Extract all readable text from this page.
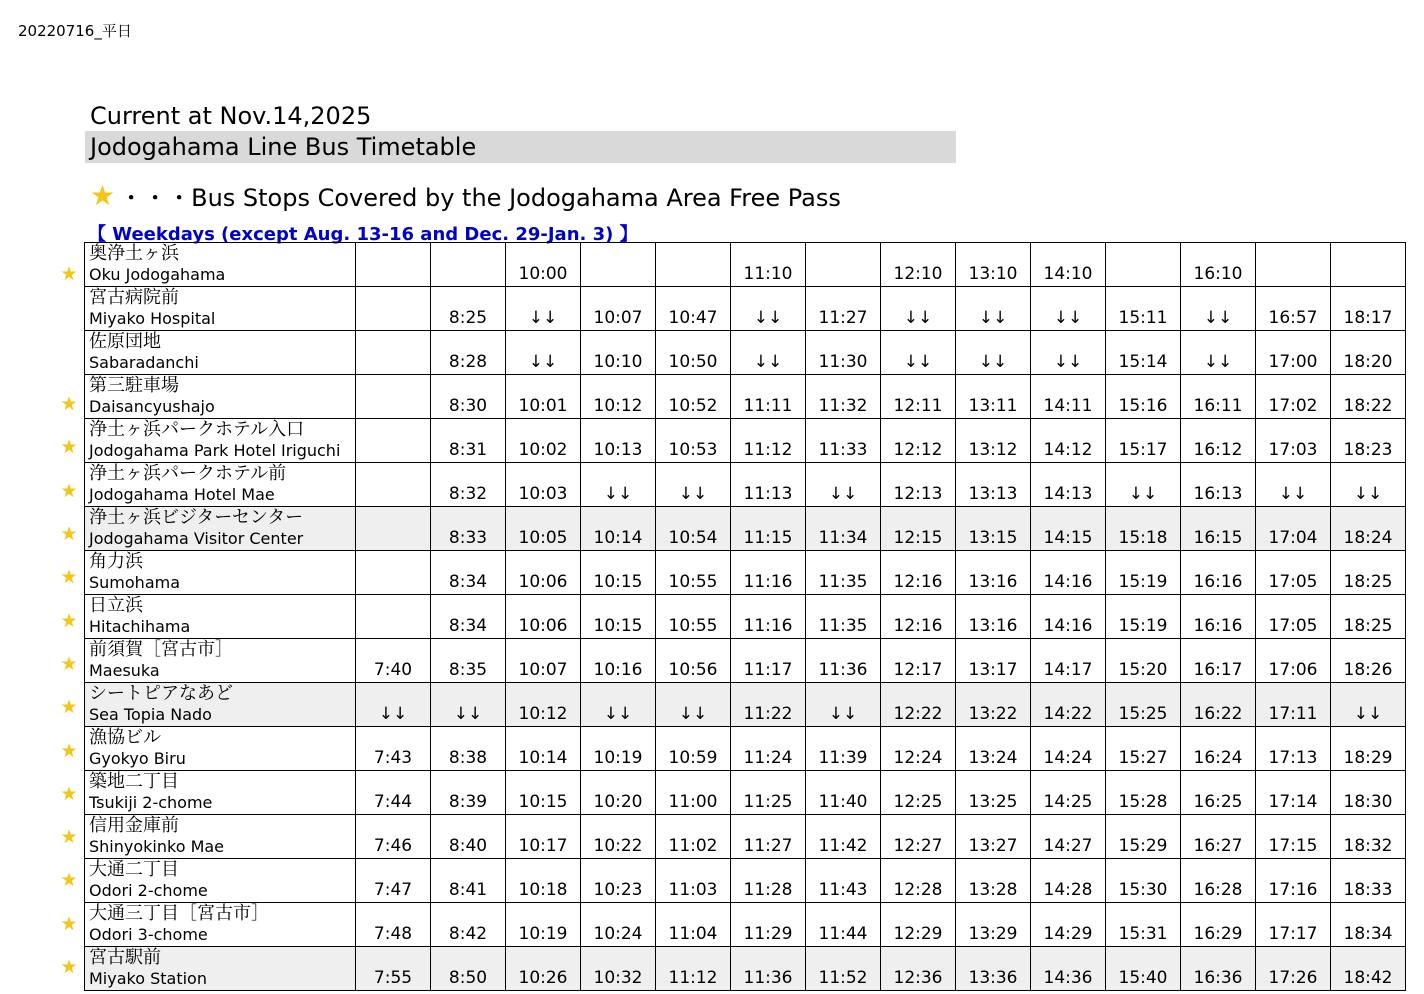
20220716_平日
Current at Nov.14,2025
Jodogahama Line Bus Timetable
★ ・・・Bus Stops Covered by the Jodogahama Area Free Pass
【 Weekdays (except Aug. 13-16 and Dec. 29-Jan. 3) 】
★
★
★
★
★
★
★
★
★
★
★
★
★
★
★
奥浄土ヶ浜
Oku Jodogahama			10:00			11:10		12:10	13:10	14:10		16:10		

宮古病院前
Miyako Hospital		8:25	↓↓	10:07	10:47	↓↓	11:27	↓↓	↓↓	↓↓	15:11	↓↓	16:57	18:17

佐原団地
Sabaradanchi		8:28	↓↓	10:10	10:50	↓↓	11:30	↓↓	↓↓	↓↓	15:14	↓↓	17:00	18:20

第三駐車場
Daisancyushajo		8:30	10:01	10:12	10:52	11:11	11:32	12:11	13:11	14:11	15:16	16:11	17:02	18:22

浄土ヶ浜パークホテル入口
Jodogahama Park Hotel Iriguchi		8:31	10:02	10:13	10:53	11:12	11:33	12:12	13:12	14:12	15:17	16:12	17:03	18:23

浄土ヶ浜パークホテル前
Jodogahama Hotel Mae		8:32	10:03	↓↓	↓↓	11:13	↓↓	12:13	13:13	14:13	↓↓	16:13	↓↓	↓↓

浄土ヶ浜ビジターセンター
Jodogahama Visitor Center		8:33	10:05	10:14	10:54	11:15	11:34	12:15	13:15	14:15	15:18	16:15	17:04	18:24

角力浜
Sumohama		8:34	10:06	10:15	10:55	11:16	11:35	12:16	13:16	14:16	15:19	16:16	17:05	18:25

日立浜
Hitachihama		8:34	10:06	10:15	10:55	11:16	11:35	12:16	13:16	14:16	15:19	16:16	17:05	18:25

前須賀［宮古市］
Maesuka	7:40	8:35	10:07	10:16	10:56	11:17	11:36	12:17	13:17	14:17	15:20	16:17	17:06	18:26

シートピアなあど
Sea Topia Nado	↓↓	↓↓	10:12	↓↓	↓↓	11:22	↓↓	12:22	13:22	14:22	15:25	16:22	17:11	↓↓

漁協ビル
Gyokyo Biru	7:43	8:38	10:14	10:19	10:59	11:24	11:39	12:24	13:24	14:24	15:27	16:24	17:13	18:29

築地二丁目
Tsukiji 2-chome	7:44	8:39	10:15	10:20	11:00	11:25	11:40	12:25	13:25	14:25	15:28	16:25	17:14	18:30

信用金庫前
Shinyokinko Mae	7:46	8:40	10:17	10:22	11:02	11:27	11:42	12:27	13:27	14:27	15:29	16:27	17:15	18:32

大通二丁目
Odori 2-chome	7:47	8:41	10:18	10:23	11:03	11:28	11:43	12:28	13:28	14:28	15:30	16:28	17:16	18:33

大通三丁目［宮古市］
Odori 3-chome	7:48	8:42	10:19	10:24	11:04	11:29	11:44	12:29	13:29	14:29	15:31	16:29	17:17	18:34

宮古駅前
Miyako Station	7:55	8:50	10:26	10:32	11:12	11:36	11:52	12:36	13:36	14:36	15:40	16:36	17:26	18:42
